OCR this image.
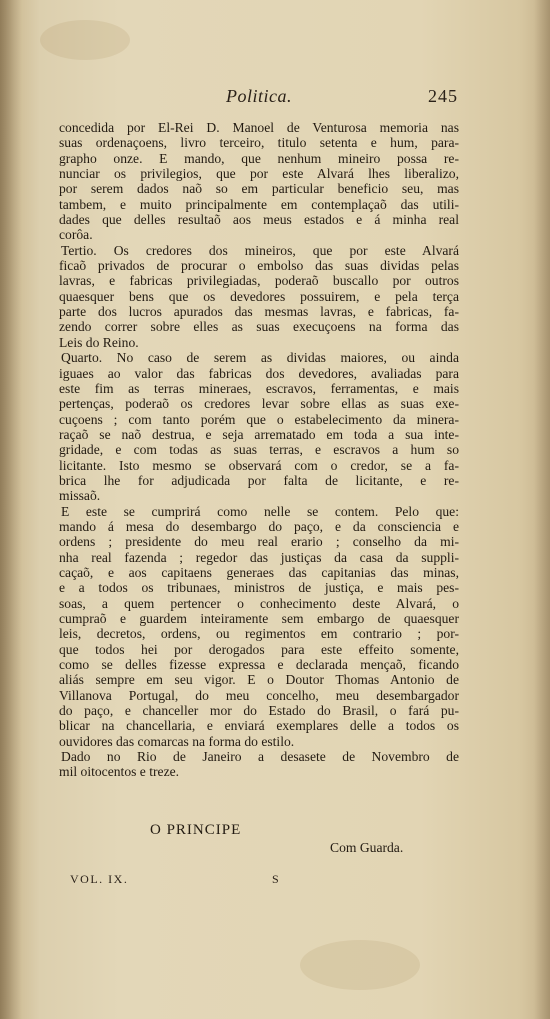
Politica.	245
concedida por El-Rei D. Manoel de Venturosa memoria nas
suas ordenaçoens, livro terceiro, titulo setenta e hum, para-
grapho onze. E mando, que nenhum mineiro possa re-
nunciar os privilegios, que por este Alvará lhes liberalizo,
por serem dados naõ so em particular beneficio seu, mas
tambem, e muito principalmente em contemplaçaõ das utili-
dades que delles resultaõ aos meus estados e á minha real
corôa.
Tertio. Os credores dos mineiros, que por este Alvará
ficaõ privados de procurar o embolso das suas dividas pelas
lavras, e fabricas privilegiadas, poderaõ buscallo por outros
quaesquer bens que os devedores possuirem, e pela terça
parte dos lucros apurados das mesmas lavras, e fabricas, fa-
zendo correr sobre elles as suas execuçoens na forma das
Leis do Reino.
Quarto. No caso de serem as dividas maiores, ou ainda
iguaes ao valor das fabricas dos devedores, avaliadas para
este fim as terras mineraes, escravos, ferramentas, e mais
pertenças, poderaõ os credores levar sobre ellas as suas exe-
cuçoens ; com tanto porém que o estabelecimento da minera-
raçaõ se naõ destrua, e seja arrematado em toda a sua inte-
gridade, e com todas as suas terras, e escravos a hum so
licitante. Isto mesmo se observará com o credor, se a fa-
brica lhe for adjudicada por falta de licitante, e re-
missaõ.
E este se cumprirá como nelle se contem. Pelo que:
mando á mesa do desembargo do paço, e da consciencia e
ordens ; presidente do meu real erario ; conselho da mi-
nha real fazenda ; regedor das justiças da casa da suppli-
caçaõ, e aos capitaens generaes das capitanias das minas,
e a todos os tribunaes, ministros de justiça, e mais pes-
soas, a quem pertencer o conhecimento deste Alvará, o
cumpraõ e guardem inteiramente sem embargo de quaesquer
leis, decretos, ordens, ou regimentos em contrario ; por-
que todos hei por derogados para este effeito somente,
como se delles fizesse expressa e declarada mençaõ, ficando
aliás sempre em seu vigor. E o Doutor Thomas Antonio de
Villanova Portugal, do meu concelho, meu desembargador
do paço, e chanceller mor do Estado do Brasil, o fará pu-
blicar na chancellaria, e enviará exemplares delle a todos os
ouvidores das comarcas na forma do estilo.
Dado no Rio de Janeiro a desasete de Novembro de
mil oitocentos e treze.
O PRINCIPE
Com Guarda.
VOL. IX.	S
